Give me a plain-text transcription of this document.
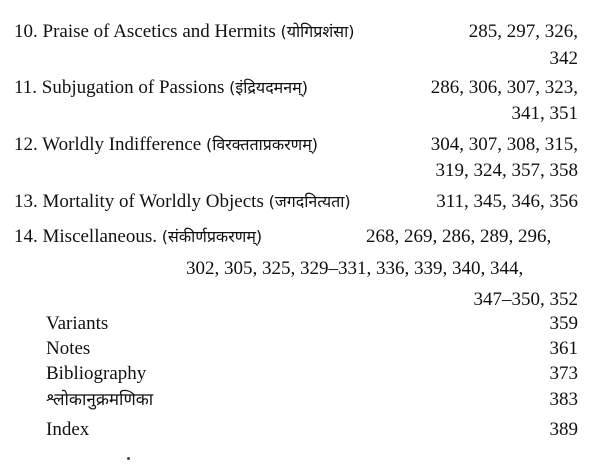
10. Praise of Ascetics and Hermits (योगिप्रशंसा)	285, 297, 326,
342
11. Subjugation of Passions (इंद्रियदमनम्)	286, 306, 307, 323,
341, 351
12. Worldly Indifference (विरक्तताप्रकरणम्)	304, 307, 308, 315,
319, 324, 357, 358
13. Mortality of Worldly Objects (जगदनित्यता)	311, 345, 346, 356
14. Miscellaneous. (संकीर्णप्रकरणम्)	268, 269, 286, 289, 296,
302, 305, 325, 329–331, 336, 339, 340, 344,
347–350, 352
Variants	359
Notes	361
Bibliography	373
श्लोकानुक्रमणिका	383
Index	389
